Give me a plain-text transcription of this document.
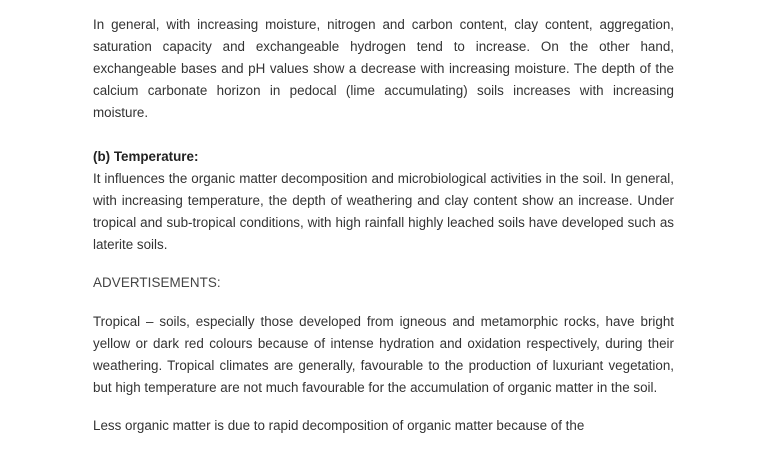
In general, with increasing moisture, nitrogen and carbon content, clay content, aggregation, saturation capacity and exchangeable hydrogen tend to increase. On the other hand, exchangeable bases and pH values show a decrease with increasing moisture. The depth of the calcium carbonate horizon in pedocal (lime accumulating) soils increases with increasing moisture.

(b) Temperature:

It influences the organic matter decomposition and microbiological activities in the soil. In general, with increasing temperature, the depth of weathering and clay content show an increase. Under tropical and sub-tropical conditions, with high rainfall highly leached soils have developed such as laterite soils.

ADVERTISEMENTS:

Tropical – soils, especially those developed from igneous and metamorphic rocks, have bright yellow or dark red colours because of intense hydration and oxidation respectively, during their weathering. Tropical climates are generally, favourable to the production of luxuriant vegetation, but high temperature are not much favourable for the accumulation of organic matter in the soil.

Less organic matter is due to rapid decomposition of organic matter because of the
